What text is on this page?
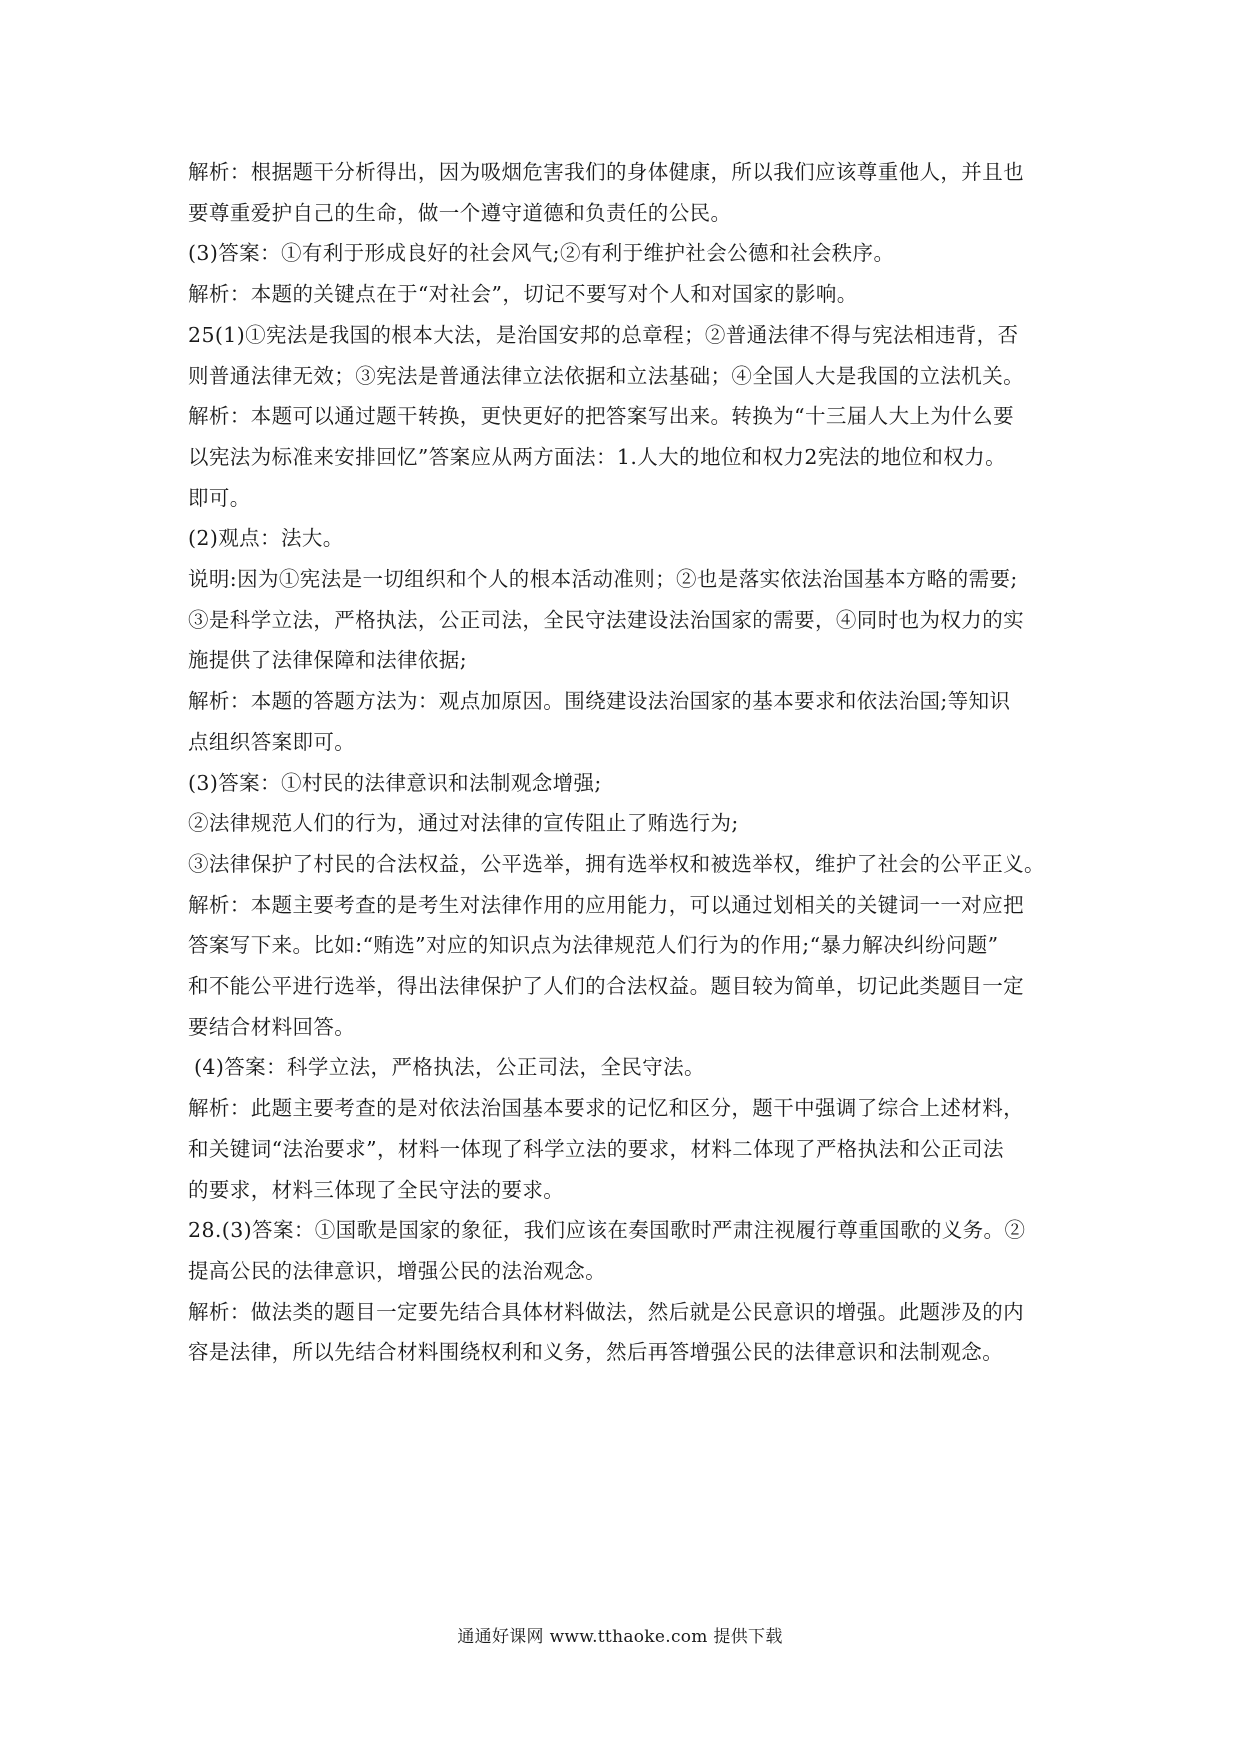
解析：根据题干分析得出，因为吸烟危害我们的身体健康，所以我们应该尊重他人，并且也
要尊重爱护自己的生命，做一个遵守道德和负责任的公民。
(3)答案：①有利于形成良好的社会风气;②有利于维护社会公德和社会秩序。
解析：本题的关键点在于“对社会”，切记不要写对个人和对国家的影响。
25(1)①宪法是我国的根本大法，是治国安邦的总章程；②普通法律不得与宪法相违背，否
则普通法律无效；③宪法是普通法律立法依据和立法基础；④全国人大是我国的立法机关。
解析：本题可以通过题干转换，更快更好的把答案写出来。转换为“十三届人大上为什么要
以宪法为标准来安排回忆”答案应从两方面法：1.人大的地位和权力2宪法的地位和权力。
即可。
(2)观点：法大。
说明:因为①宪法是一切组织和个人的根本活动准则；②也是落实依法治国基本方略的需要;
③是科学立法，严格执法，公正司法，全民守法建设法治国家的需要，④同时也为权力的实
施提供了法律保障和法律依据;
解析：本题的答题方法为：观点加原因。围绕建设法治国家的基本要求和依法治国;等知识
点组织答案即可。
(3)答案：①村民的法律意识和法制观念增强;
②法律规范人们的行为，通过对法律的宣传阻止了贿选行为;
③法律保护了村民的合法权益，公平选举，拥有选举权和被选举权，维护了社会的公平正义。
解析：本题主要考查的是考生对法律作用的应用能力，可以通过划相关的关键词一一对应把
答案写下来。比如:“贿选”对应的知识点为法律规范人们行为的作用;“暴力解决纠纷问题”
和不能公平进行选举，得出法律保护了人们的合法权益。题目较为简单，切记此类题目一定
要结合材料回答。
(4)答案：科学立法，严格执法，公正司法，全民守法。
解析：此题主要考查的是对依法治国基本要求的记忆和区分，题干中强调了综合上述材料，
和关键词“法治要求”，材料一体现了科学立法的要求，材料二体现了严格执法和公正司法
的要求，材料三体现了全民守法的要求。
28.(3)答案：①国歌是国家的象征，我们应该在奏国歌时严肃注视履行尊重国歌的义务。②
提高公民的法律意识，增强公民的法治观念。
解析：做法类的题目一定要先结合具体材料做法，然后就是公民意识的增强。此题涉及的内
容是法律，所以先结合材料围绕权利和义务，然后再答增强公民的法律意识和法制观念。
通通好课网 www.tthaoke.com 提供下载
